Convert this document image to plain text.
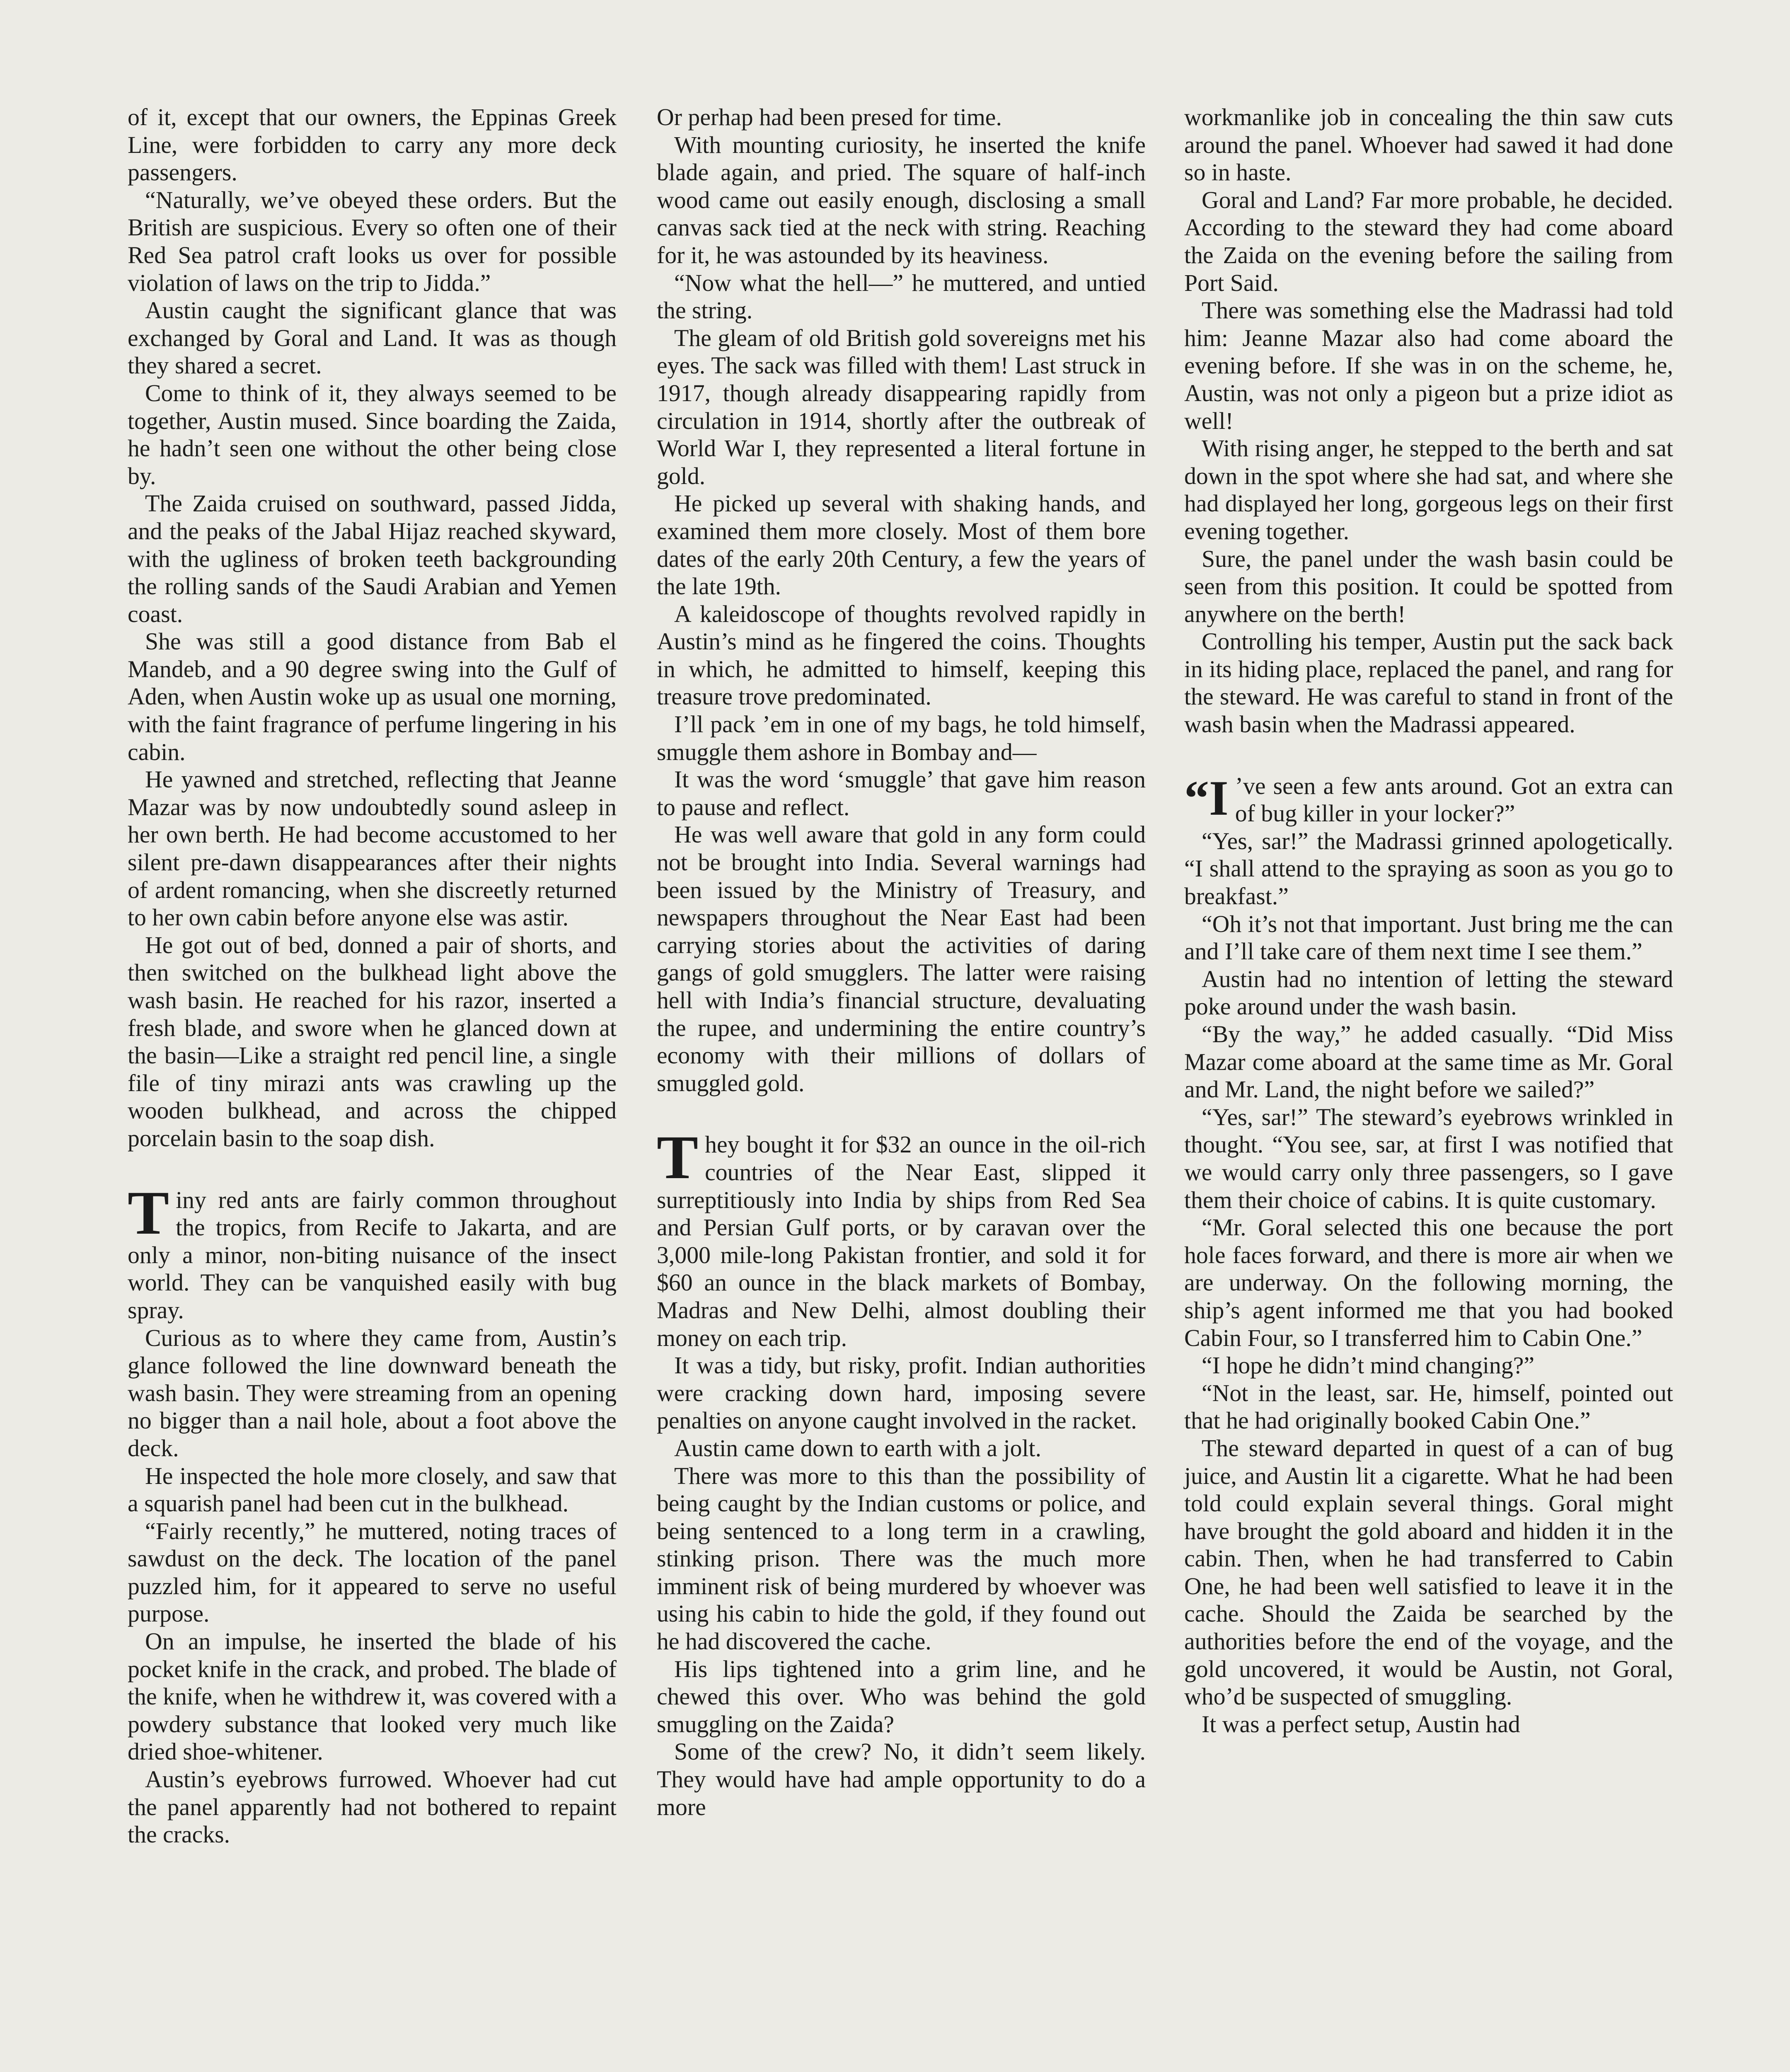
of it, except that our owners, the Eppinas Greek Line, were forbidden to carry any more deck passengers.

“Naturally, we’ve obeyed these orders. But the British are suspicious. Every so often one of their Red Sea patrol craft looks us over for possible violation of laws on the trip to Jidda.”

Austin caught the significant glance that was exchanged by Goral and Land. It was as though they shared a secret.

Come to think of it, they always seemed to be together, Austin mused. Since boarding the Zaida, he hadn’t seen one without the other being close by.

The Zaida cruised on southward, passed Jidda, and the peaks of the Jabal Hijaz reached skyward, with the ugliness of broken teeth backgrounding the rolling sands of the Saudi Arabian and Yemen coast.

She was still a good distance from Bab el Mandeb, and a 90 degree swing into the Gulf of Aden, when Austin woke up as usual one morning, with the faint fragrance of perfume lingering in his cabin.

He yawned and stretched, reflecting that Jeanne Mazar was by now undoubtedly sound asleep in her own berth. He had become accustomed to her silent pre-dawn disappearances after their nights of ardent romancing, when she discreetly returned to her own cabin before anyone else was astir.

He got out of bed, donned a pair of shorts, and then switched on the bulkhead light above the wash basin. He reached for his razor, inserted a fresh blade, and swore when he glanced down at the basin—Like a straight red pencil line, a single file of tiny mirazi ants was crawling up the wooden bulkhead, and across the chipped porcelain basin to the soap dish.

Tiny red ants are fairly common throughout the tropics, from Recife to Jakarta, and are only a minor, non-biting nuisance of the insect world. They can be vanquished easily with bug spray.

Curious as to where they came from, Austin’s glance followed the line downward beneath the wash basin. They were streaming from an opening no bigger than a nail hole, about a foot above the deck.

He inspected the hole more closely, and saw that a squarish panel had been cut in the bulkhead.

“Fairly recently,” he muttered, noting traces of sawdust on the deck. The location of the panel puzzled him, for it appeared to serve no useful purpose.

On an impulse, he inserted the blade of his pocket knife in the crack, and probed. The blade of the knife, when he withdrew it, was covered with a powdery substance that looked very much like dried shoe-whitener.

Austin’s eyebrows furrowed. Whoever had cut the panel apparently had not bothered to repaint the cracks.

Or perhap had been presed for time.

With mounting curiosity, he inserted the knife blade again, and pried. The square of half-inch wood came out easily enough, disclosing a small canvas sack tied at the neck with string. Reaching for it, he was astounded by its heaviness.

“Now what the hell—” he muttered, and untied the string.

The gleam of old British gold sovereigns met his eyes. The sack was filled with them! Last struck in 1917, though already disappearing rapidly from circulation in 1914, shortly after the outbreak of World War I, they represented a literal fortune in gold.

He picked up several with shaking hands, and examined them more closely. Most of them bore dates of the early 20th Century, a few the years of the late 19th.

A kaleidoscope of thoughts revolved rapidly in Austin’s mind as he fingered the coins. Thoughts in which, he admitted to himself, keeping this treasure trove predominated.

I’ll pack ’em in one of my bags, he told himself, smuggle them ashore in Bombay and—

It was the word ‘smuggle’ that gave him reason to pause and reflect.

He was well aware that gold in any form could not be brought into India. Several warnings had been issued by the Ministry of Treasury, and newspapers throughout the Near East had been carrying stories about the activities of daring gangs of gold smugglers. The latter were raising hell with India’s financial structure, devaluating the rupee, and undermining the entire country’s economy with their millions of dollars of smuggled gold.

They bought it for $32 an ounce in the oil-rich countries of the Near East, slipped it surreptitiously into India by ships from Red Sea and Persian Gulf ports, or by caravan over the 3,000 mile-long Pakistan frontier, and sold it for $60 an ounce in the black markets of Bombay, Madras and New Delhi, almost doubling their money on each trip.

It was a tidy, but risky, profit. Indian authorities were cracking down hard, imposing severe penalties on anyone caught involved in the racket.

Austin came down to earth with a jolt.

There was more to this than the possibility of being caught by the Indian customs or police, and being sentenced to a long term in a crawling, stinking prison. There was the much more imminent risk of being murdered by whoever was using his cabin to hide the gold, if they found out he had discovered the cache.

His lips tightened into a grim line, and he chewed this over. Who was behind the gold smuggling on the Zaida?

Some of the crew? No, it didn’t seem likely. They would have had ample opportunity to do a more

workmanlike job in concealing the thin saw cuts around the panel. Whoever had sawed it had done so in haste.

Goral and Land? Far more probable, he decided. According to the steward they had come aboard the Zaida on the evening before the sailing from Port Said.

There was something else the Madrassi had told him: Jeanne Mazar also had come aboard the evening before. If she was in on the scheme, he, Austin, was not only a pigeon but a prize idiot as well!

With rising anger, he stepped to the berth and sat down in the spot where she had sat, and where she had displayed her long, gorgeous legs on their first evening together.

Sure, the panel under the wash basin could be seen from this position. It could be spotted from anywhere on the berth!

Controlling his temper, Austin put the sack back in its hiding place, replaced the panel, and rang for the steward. He was careful to stand in front of the wash basin when the Madrassi appeared.

“I ’ve seen a few ants around. Got an extra can of bug killer in your locker?”

“Yes, sar!” the Madrassi grinned apologetically. “I shall attend to the spraying as soon as you go to breakfast.”

“Oh it’s not that important. Just bring me the can and I’ll take care of them next time I see them.”

Austin had no intention of letting the steward poke around under the wash basin.

“By the way,” he added casually. “Did Miss Mazar come aboard at the same time as Mr. Goral and Mr. Land, the night before we sailed?”

“Yes, sar!” The steward’s eyebrows wrinkled in thought. “You see, sar, at first I was notified that we would carry only three passengers, so I gave them their choice of cabins. It is quite customary.

“Mr. Goral selected this one because the port hole faces forward, and there is more air when we are underway. On the following morning, the ship’s agent informed me that you had booked Cabin Four, so I transferred him to Cabin One.”

“I hope he didn’t mind changing?”

“Not in the least, sar. He, himself, pointed out that he had originally booked Cabin One.”

The steward departed in quest of a can of bug juice, and Austin lit a cigarette. What he had been told could explain several things. Goral might have brought the gold aboard and hidden it in the cabin. Then, when he had transferred to Cabin One, he had been well satisfied to leave it in the cache. Should the Zaida be searched by the authorities before the end of the voyage, and the gold uncovered, it would be Austin, not Goral, who’d be suspected of smuggling.

It was a perfect setup, Austin had
